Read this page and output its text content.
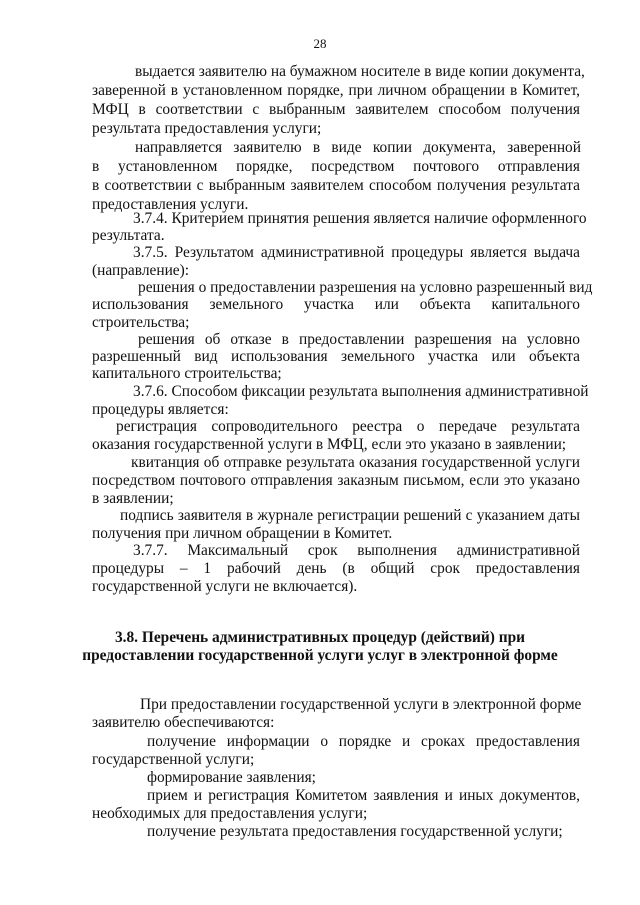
28
выдается заявителю на бумажном носителе в виде копии документа,
заверенной в установленном порядке, при личном обращении в Комитет,
МФЦ в соответствии с выбранным заявителем способом получения
результата предоставления услуги;
направляется заявителю в виде копии документа, заверенной
в установленном порядке, посредством почтового отправления
в соответствии с выбранным заявителем способом получения результата
предоставления услуги.
3.7.4. Критерием принятия решения является наличие оформленного
результата.
3.7.5. Результатом административной процедуры является выдача
(направление):
решения о предоставлении разрешения на условно разрешенный вид
использования земельного участка или объекта капитального
строительства;
решения об отказе в предоставлении разрешения на условно
разрешенный вид использования земельного участка или объекта
капитального строительства;
3.7.6. Способом фиксации результата выполнения административной
процедуры является:
регистрация сопроводительного реестра о передаче результата
оказания государственной услуги в МФЦ, если это указано в заявлении;
квитанция об отправке результата оказания государственной услуги
посредством почтового отправления заказным письмом, если это указано
в заявлении;
подпись заявителя в журнале регистрации решений с указанием даты
получения при личном обращении в Комитет.
3.7.7. Максимальный срок выполнения административной
процедуры – 1 рабочий день (в общий срок предоставления
государственной услуги не включается).
3.8. Перечень административных процедур (действий) при
предоставлении государственной услуги услуг в электронной форме
При предоставлении государственной услуги в электронной форме
заявителю обеспечиваются:
получение информации о порядке и сроках предоставления
государственной услуги;
формирование заявления;
прием и регистрация Комитетом заявления и иных документов,
необходимых для предоставления услуги;
получение результата предоставления государственной услуги;
